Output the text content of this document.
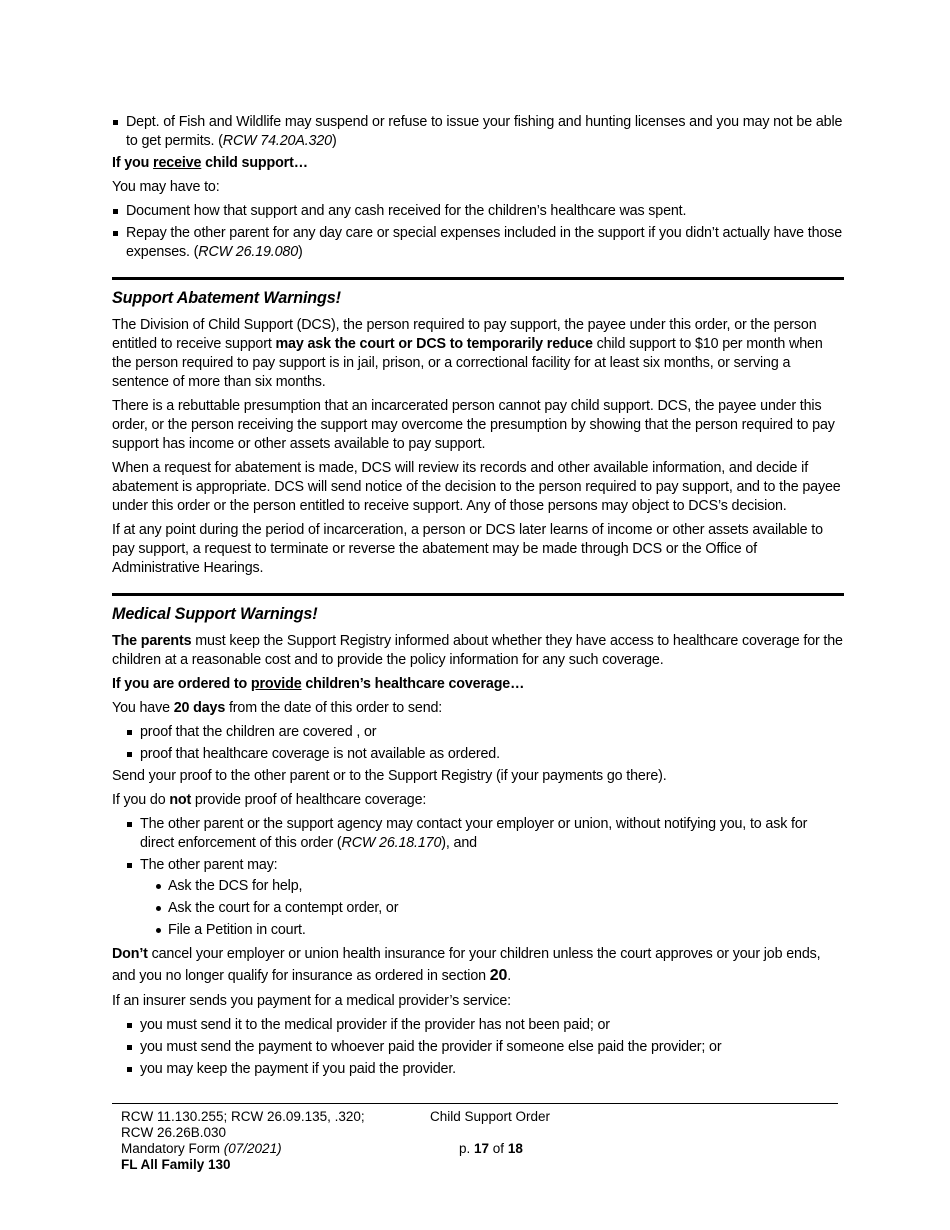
Dept. of Fish and Wildlife may suspend or refuse to issue your fishing and hunting licenses and you may not be able to get permits. (RCW 74.20A.320)

If you receive child support…

You may have to:

Document how that support and any cash received for the children’s healthcare was spent.
Repay the other parent for any day care or special expenses included in the support if you didn’t actually have those expenses. (RCW 26.19.080)
Support Abatement Warnings!

The Division of Child Support (DCS), the person required to pay support, the payee under this order, or the person entitled to receive support may ask the court or DCS to temporarily reduce child support to $10 per month when the person required to pay support is in jail, prison, or a correctional facility for at least six months, or serving a sentence of more than six months.

There is a rebuttable presumption that an incarcerated person cannot pay child support. DCS, the payee under this order, or the person receiving the support may overcome the presumption by showing that the person required to pay support has income or other assets available to pay support.

When a request for abatement is made, DCS will review its records and other available information, and decide if abatement is appropriate. DCS will send notice of the decision to the person required to pay support, and to the payee under this order or the person entitled to receive support. Any of those persons may object to DCS’s decision.

If at any point during the period of incarceration, a person or DCS later learns of income or other assets available to pay support, a request to terminate or reverse the abatement may be made through DCS or the Office of Administrative Hearings.

Medical Support Warnings!

The parents must keep the Support Registry informed about whether they have access to healthcare coverage for the children at a reasonable cost and to provide the policy information for any such coverage.

If you are ordered to provide children’s healthcare coverage…

You have 20 days from the date of this order to send:

proof that the children are covered , or
proof that healthcare coverage is not available as ordered.

Send your proof to the other parent or to the Support Registry (if your payments go there).

If you do not provide proof of healthcare coverage:

The other parent or the support agency may contact your employer or union, without notifying you, to ask for direct enforcement of this order (RCW 26.18.170), and
The other parent may:
Ask the DCS for help,
Ask the court for a contempt order, or
File a Petition in court.

Don’t cancel your employer or union health insurance for your children unless the court approves or your job ends, and you no longer qualify for insurance as ordered in section 20.

If an insurer sends you payment for a medical provider’s service:

you must send it to the medical provider if the provider has not been paid; or
you must send the payment to whoever paid the provider if someone else paid the provider; or
you may keep the payment if you paid the provider.
RCW 11.130.255; RCW 26.09.135, .320;
RCW 26.26B.030
Mandatory Form (07/2021)
FL All Family 130
Child Support Order
p. 17 of 18
